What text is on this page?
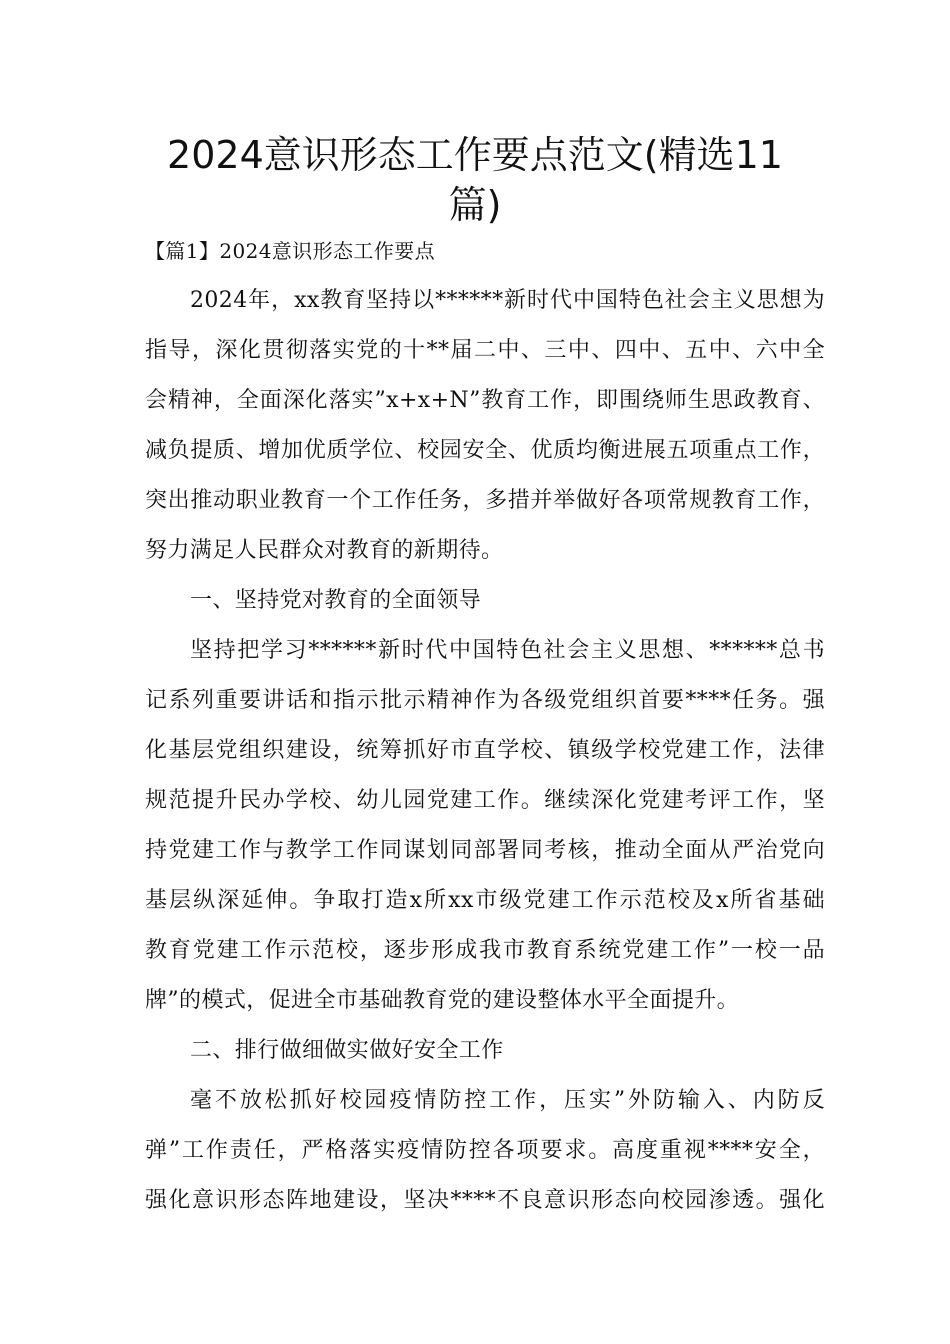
2024意识形态工作要点范文(精选11
篇)
【篇1】2024意识形态工作要点
2024年，xx教育坚持以******新时代中国特色社会主义思想为
指导，深化贯彻落实党的十**届二中、三中、四中、五中、六中全
会精神，全面深化落实”x+x+N”教育工作，即围绕师生思政教育、
减负提质、增加优质学位、校园安全、优质均衡进展五项重点工作，
突出推动职业教育一个工作任务，多措并举做好各项常规教育工作，
努力满足人民群众对教育的新期待。
一、坚持党对教育的全面领导
坚持把学习******新时代中国特色社会主义思想、******总书
记系列重要讲话和指示批示精神作为各级党组织首要****任务。强
化基层党组织建设，统筹抓好市直学校、镇级学校党建工作，法律
规范提升民办学校、幼儿园党建工作。继续深化党建考评工作，坚
持党建工作与教学工作同谋划同部署同考核，推动全面从严治党向
基层纵深延伸。争取打造x所xx市级党建工作示范校及x所省基础
教育党建工作示范校，逐步形成我市教育系统党建工作”一校一品
牌”的模式，促进全市基础教育党的建设整体水平全面提升。
二、排行做细做实做好安全工作
毫不放松抓好校园疫情防控工作，压实”外防输入、内防反
弹”工作责任，严格落实疫情防控各项要求。高度重视****安全，
强化意识形态阵地建设，坚决****不良意识形态向校园渗透。强化
